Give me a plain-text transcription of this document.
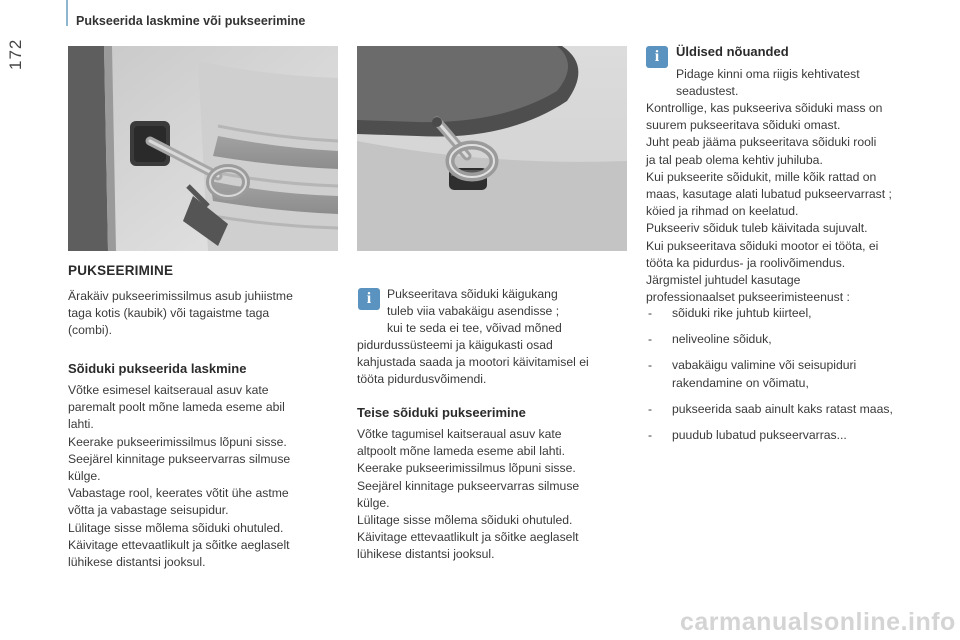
172
Pukseerida laskmine või pukseerimine
PUKSEERIMINE

Ärakäiv pukseerimissilmus asub juhiistme
taga kotis (kaubik) või tagaistme taga
(combi).

Sõiduki pukseerida laskmine

Võtke esimesel kaitseraual asuv kate
paremalt poolt mõne lameda eseme abil
lahti.
Keerake pukseerimissilmus lõpuni sisse.
Seejärel kinnitage pukseervarras silmuse
külge.
Vabastage rool, keerates võtit ühe astme
võtta ja vabastage seisupidur.
Lülitage sisse mõlema sõiduki ohutuled.
Käivitage ettevaatlikult ja sõitke aeglaselt
lühikese distantsi jooksul.

i	Pukseeritava sõiduki käigukang
tuleb viia vabakäigu asendisse ;
kui te seda ei tee, võivad mõned

pidurdussüsteemi ja käigukasti osad
kahjustada saada ja mootori käivitamisel ei
tööta pidurdusvõimendi.

Teise sõiduki pukseerimine

Võtke tagumisel kaitseraual asuv kate
altpoolt mõne lameda eseme abil lahti.
Keerake pukseerimissilmus lõpuni sisse.
Seejärel kinnitage pukseervarras silmuse
külge.
Lülitage sisse mõlema sõiduki ohutuled.
Käivitage ettevaatlikult ja sõitke aeglaselt
lühikese distantsi jooksul.

i	Üldised nõuanded

Pidage kinni oma riigis kehtivatest
seadustest.

Kontrollige, kas pukseeriva sõiduki mass on
suurem pukseeritava sõiduki omast.
Juht peab jääma pukseeritava sõiduki rooli
ja tal peab olema kehtiv juhiluba.
Kui pukseerite sõidukit, mille kõik rattad on
maas, kasutage alati lubatud pukseervarrast ;
köied ja rihmad on keelatud.
Pukseeriv sõiduk tuleb käivitada sujuvalt.
Kui pukseeritava sõiduki mootor ei tööta, ei
tööta ka pidurdus- ja roolivõimendus.
Järgmistel juhtudel kasutage
professionaalset pukseerimisteenust :

- sõiduki rike juhtub kiirteel,
- neliveoline sõiduk,
- vabakäigu valimine või seisupiduri
rakendamine on võimatu,
- pukseerida saab ainult kaks ratast maas,
- puudub lubatud pukseervarras...
carmanualsonline.info
